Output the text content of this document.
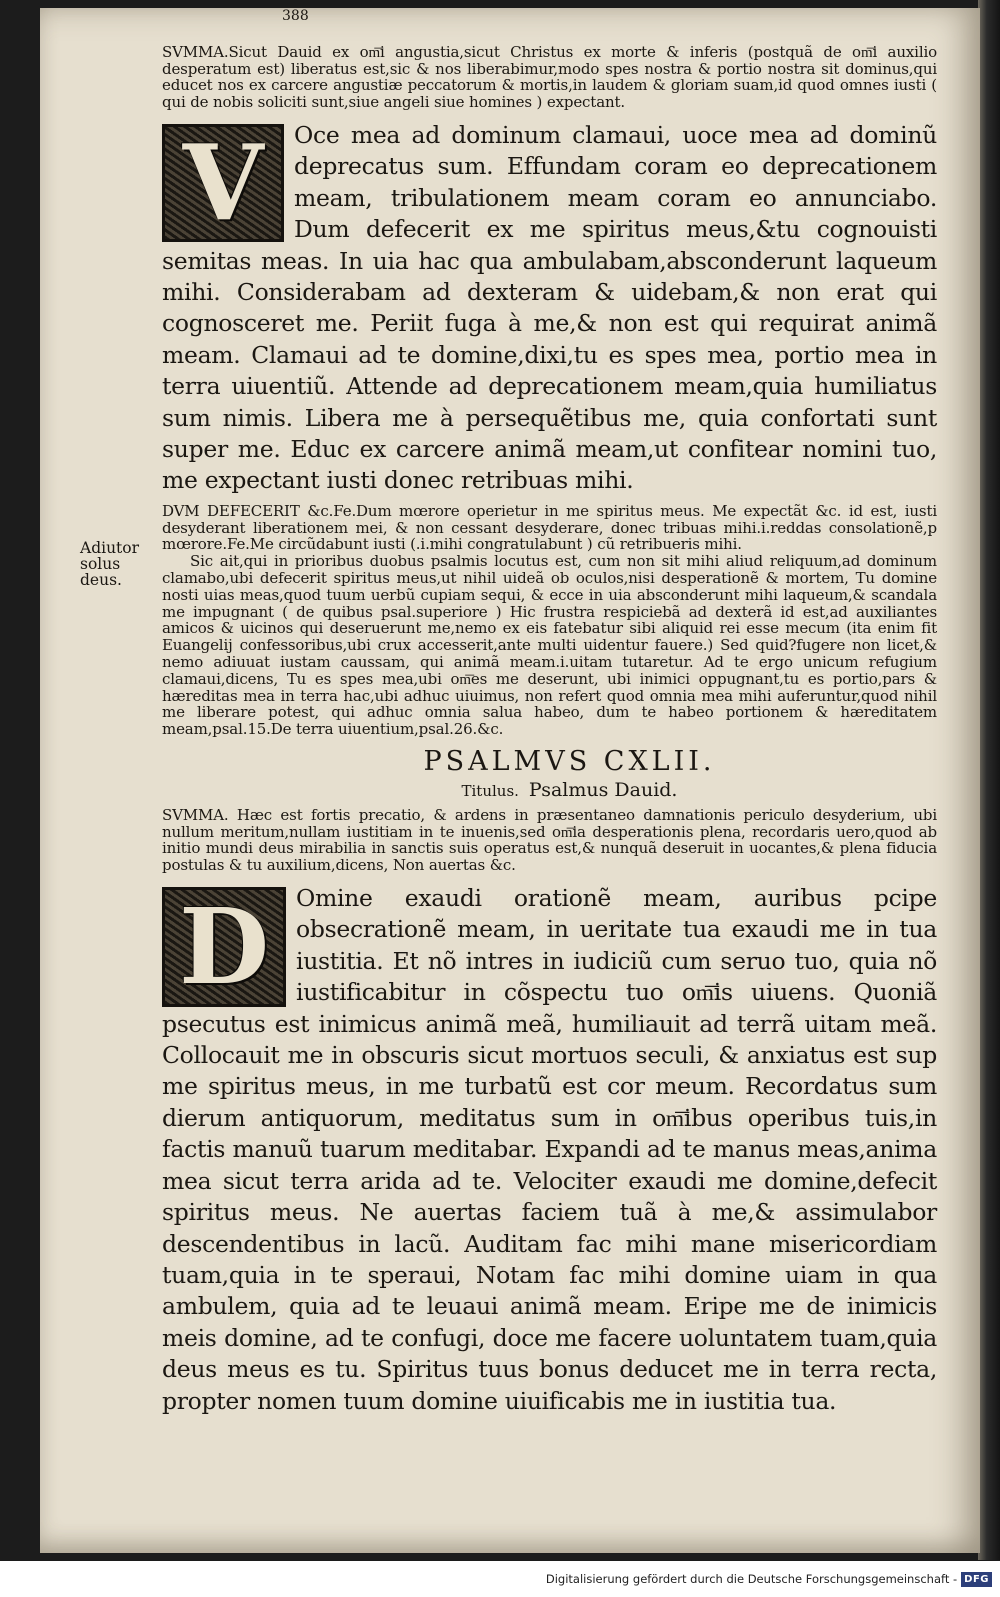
Adiutor solus deus.
388

SVMMA.Sicut Dauid ex om͞i angustia,sicut Christus ex morte & inferis (postquã de om͞i auxilio desperatum est) liberatus est,sic & nos liberabimur,modo spes nostra & portio nostra sit dominus,qui educet nos ex carcere angustiæ peccatorum & mortis,in laudem & gloriam suam,id quod omnes iusti ( qui de nobis soliciti sunt,siue angeli siue homines ) expectant.

V	Oce mea ad dominum clamaui, uoce mea ad dominũ deprecatus sum. Effundam coram eo deprecationem meam, tribulationem meam coram eo annunciabo. Dum defecerit ex me spiritus meus,&tu cognouisti semitas meas. In uia hac qua ambulabam,absconderunt laqueum mihi. Considerabam ad dexteram & uidebam,& non erat qui cognosceret me. Periit fuga à me,& non est qui requirat animã meam. Clamaui ad te domine,dixi,tu es spes mea, portio mea in terra uiuentiũ. Attende ad deprecationem meam,quia humiliatus sum nimis. Libera me à persequẽtibus me, quia confortati sunt super me. Educ ex carcere animã meam,ut confitear nomini tuo, me expectant iusti donec retribuas mihi.

DVM DEFECERIT &c.Fe.Dum mœrore operietur in me spiritus meus. Me expectãt &c. id est, iusti desyderant liberationem mei, & non cessant desyderare, donec tribuas mihi.i.reddas consolationẽ,p mœrore.Fe.Me circũdabunt iusti (.i.mihi congratulabunt ) cũ retribueris mihi.

Sic ait,qui in prioribus duobus psalmis locutus est, cum non sit mihi aliud reliquum,ad dominum clamabo,ubi defecerit spiritus meus,ut nihil uideã ob oculos,nisi desperationẽ & mortem, Tu domine nosti uias meas,quod tuum uerbũ cupiam sequi, & ecce in uia absconderunt mihi laqueum,& scandala me impugnant ( de quibus psal.superiore ) Hic frustra respiciebã ad dexterã id est,ad auxiliantes amicos & uicinos qui deseruerunt me,nemo ex eis fatebatur sibi aliquid rei esse mecum (ita enim fit Euangelij confessoribus,ubi crux accesserit,ante multi uidentur fauere.) Sed quid?fugere non licet,& nemo adiuuat iustam caussam, qui animã meam.i.uitam tutaretur. Ad te ergo unicum refugium clamaui,dicens, Tu es spes mea,ubi om͞es me deserunt, ubi inimici oppugnant,tu es portio,pars & hæreditas mea in terra hac,ubi adhuc uiuimus, non refert quod omnia mea mihi auferuntur,quod nihil me liberare potest, qui adhuc omnia salua habeo, dum te habeo portionem & hæreditatem meam,psal.15.De terra uiuentium,psal.26.&c.

PSALMVS CXLII.
Titulus. Psalmus Dauid.

SVMMA. Hæc est fortis precatio, & ardens in præsentaneo damnationis periculo desyderium, ubi nullum meritum,nullam iustitiam in te inuenis,sed om͞ia desperationis plena, recordaris uero,quod ab initio mundi deus mirabilia in sanctis suis operatus est,& nunquã deseruit in uocantes,& plena fiducia postulas & tu auxilium,dicens, Non auertas &c.

D	Omine exaudi orationẽ meam, auribus pcipe obsecrationẽ meam, in ueritate tua exaudi me in tua iustitia. Et nõ intres in iudiciũ cum seruo tuo, quia nõ iustificabitur in cõspectu tuo om͞is uiuens. Quoniã psecutus est inimicus animã meã, humiliauit ad terrã uitam meã. Collocauit me in obscuris sicut mortuos seculi, & anxiatus est sup me spiritus meus, in me turbatũ est cor meum. Recordatus sum dierum antiquorum, meditatus sum in om͞ibus operibus tuis,in factis manuũ tuarum meditabar. Expandi ad te manus meas,anima mea sicut terra arida ad te. Velociter exaudi me domine,defecit spiritus meus. Ne auertas faciem tuã à me,& assimulabor descendentibus in lacũ. Auditam fac mihi mane misericordiam tuam,quia in te speraui, Notam fac mihi domine uiam in qua ambulem, quia ad te leuaui animã meam. Eripe me de inimicis meis domine, ad te confugi, doce me facere uoluntatem tuam,quia deus meus es tu. Spiritus tuus bonus deducet me in terra recta, propter nomen tuum domine uiuificabis me in iustitia tua.
Digitalisierung gefördert durch die Deutsche Forschungsgemeinschaft - DFG
